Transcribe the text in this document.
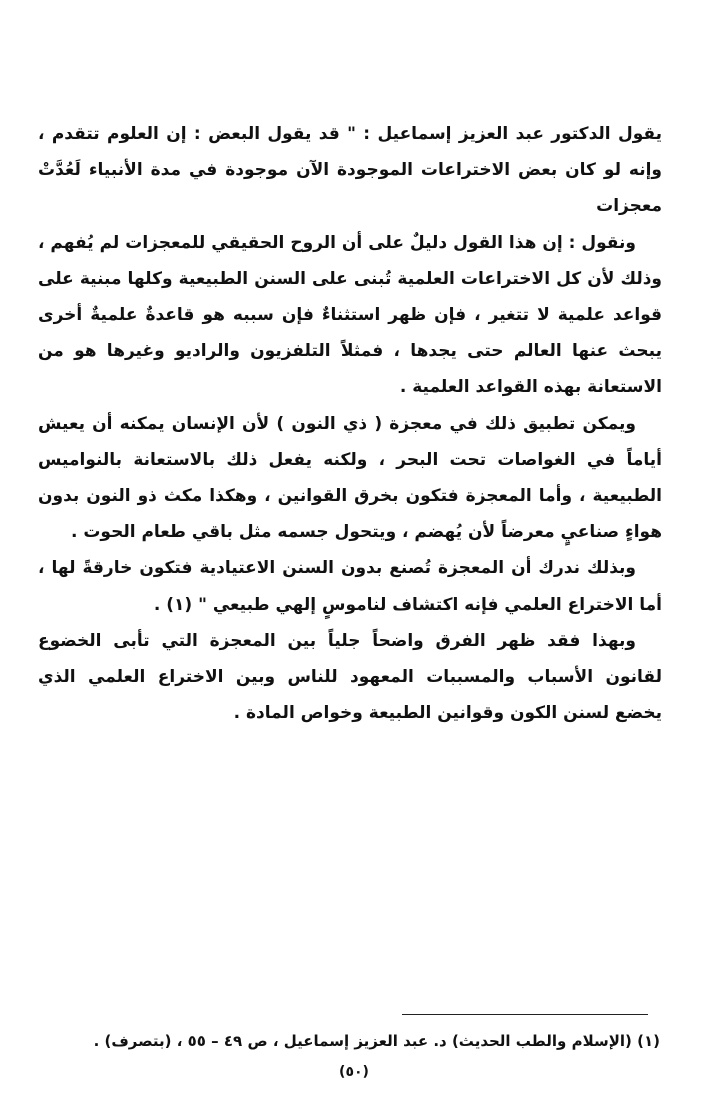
يقول الدكتور عبد العزيز إسماعيل : " قد يقول البعض : إن العلوم تتقدم ، وإنه لو كان بعض الاختراعات الموجودة الآن موجودة في مدة الأنبياء لَعُدَّتْ معجزات

ونقول : إن هذا القول دليلٌ على أن الروح الحقيقي للمعجزات لم يُفهم ، وذلك لأن كل الاختراعات العلمية تُبنى على السنن الطبيعية وكلها مبنية على قواعد علمية لا تتغير ، فإن ظهر استثناءٌ فإن سببه هو قاعدةٌ علميةٌ أخرى يبحث عنها العالم حتى يجدها ، فمثلاً التلفزيون والراديو وغيرها هو من الاستعانة بهذه القواعد العلمية .

ويمكن تطبيق ذلك في معجزة ( ذي النون ) لأن الإنسان يمكنه أن يعيش أياماً في الغواصات تحت البحر ، ولكنه يفعل ذلك بالاستعانة بالنواميس الطبيعية ، وأما المعجزة فتكون بخرق القوانين ، وهكذا مكث ذو النون بدون هواءٍ صناعيٍ معرضاً لأن يُهضم ، ويتحول جسمه مثل باقي طعام الحوت .

وبذلك ندرك أن المعجزة تُصنع بدون السنن الاعتيادية فتكون خارقةً لها ، أما الاختراع العلمي فإنه اكتشاف لناموسٍ إلهي طبيعي " (١) .

وبهذا فقد ظهر الفرق واضحاً جلياً بين المعجزة التي تأبى الخضوع لقانون الأسباب والمسببات المعهود للناس وبين الاختراع العلمي الذي يخضع لسنن الكون وقوانين الطبيعة وخواص المادة .

(١) (الإسلام والطب الحديث) د. عبد العزيز إسماعيل ، ص ٤٩ – ٥٥ ، (بتصرف) .
(٥٠)
